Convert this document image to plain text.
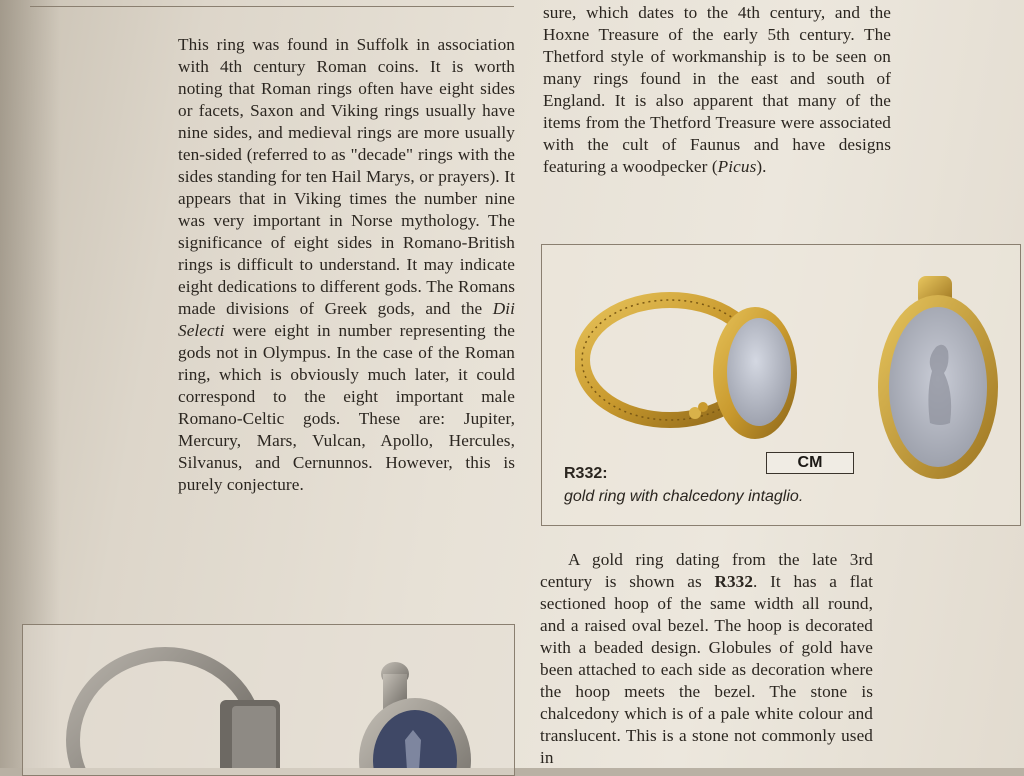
This ring was found in Suffolk in association with 4th century Roman coins. It is worth noting that Roman rings often have eight sides or facets, Saxon and Viking rings usually have nine sides, and medieval rings are more usually ten-sided (referred to as "decade" rings with the sides standing for ten Hail Marys, or prayers). It appears that in Viking times the number nine was very important in Norse mythology. The significance of eight sides in Romano-British rings is difficult to understand. It may indicate eight dedications to different gods. The Romans made divisions of Greek gods, and the Dii Selecti were eight in number representing the gods not in Olympus. In the case of the Roman ring, which is obviously much later, it could correspond to the eight important male Romano-Celtic gods. These are: Jupiter, Mercury, Mars, Vulcan, Apollo, Hercules, Silvanus, and Cernunnos. However, this is purely conjecture.

sure, which dates to the 4th century, and the Hoxne Treasure of the early 5th century. The Thetford style of workmanship is to be seen on many rings found in the east and south of England. It is also apparent that many of the items from the Thetford Treasure were associated with the cult of Faunus and have designs featuring a woodpecker (Picus).

CM
R332:
gold ring with chalcedony intaglio.

A gold ring dating from the late 3rd century is shown as R332. It has a flat sectioned hoop of the same width all round, and a raised oval bezel. The hoop is decorated with a beaded design. Globules of gold have been attached to each side as decoration where the hoop meets the bezel. The stone is chalcedony which is of a pale white colour and translucent. This is a stone not commonly used in
